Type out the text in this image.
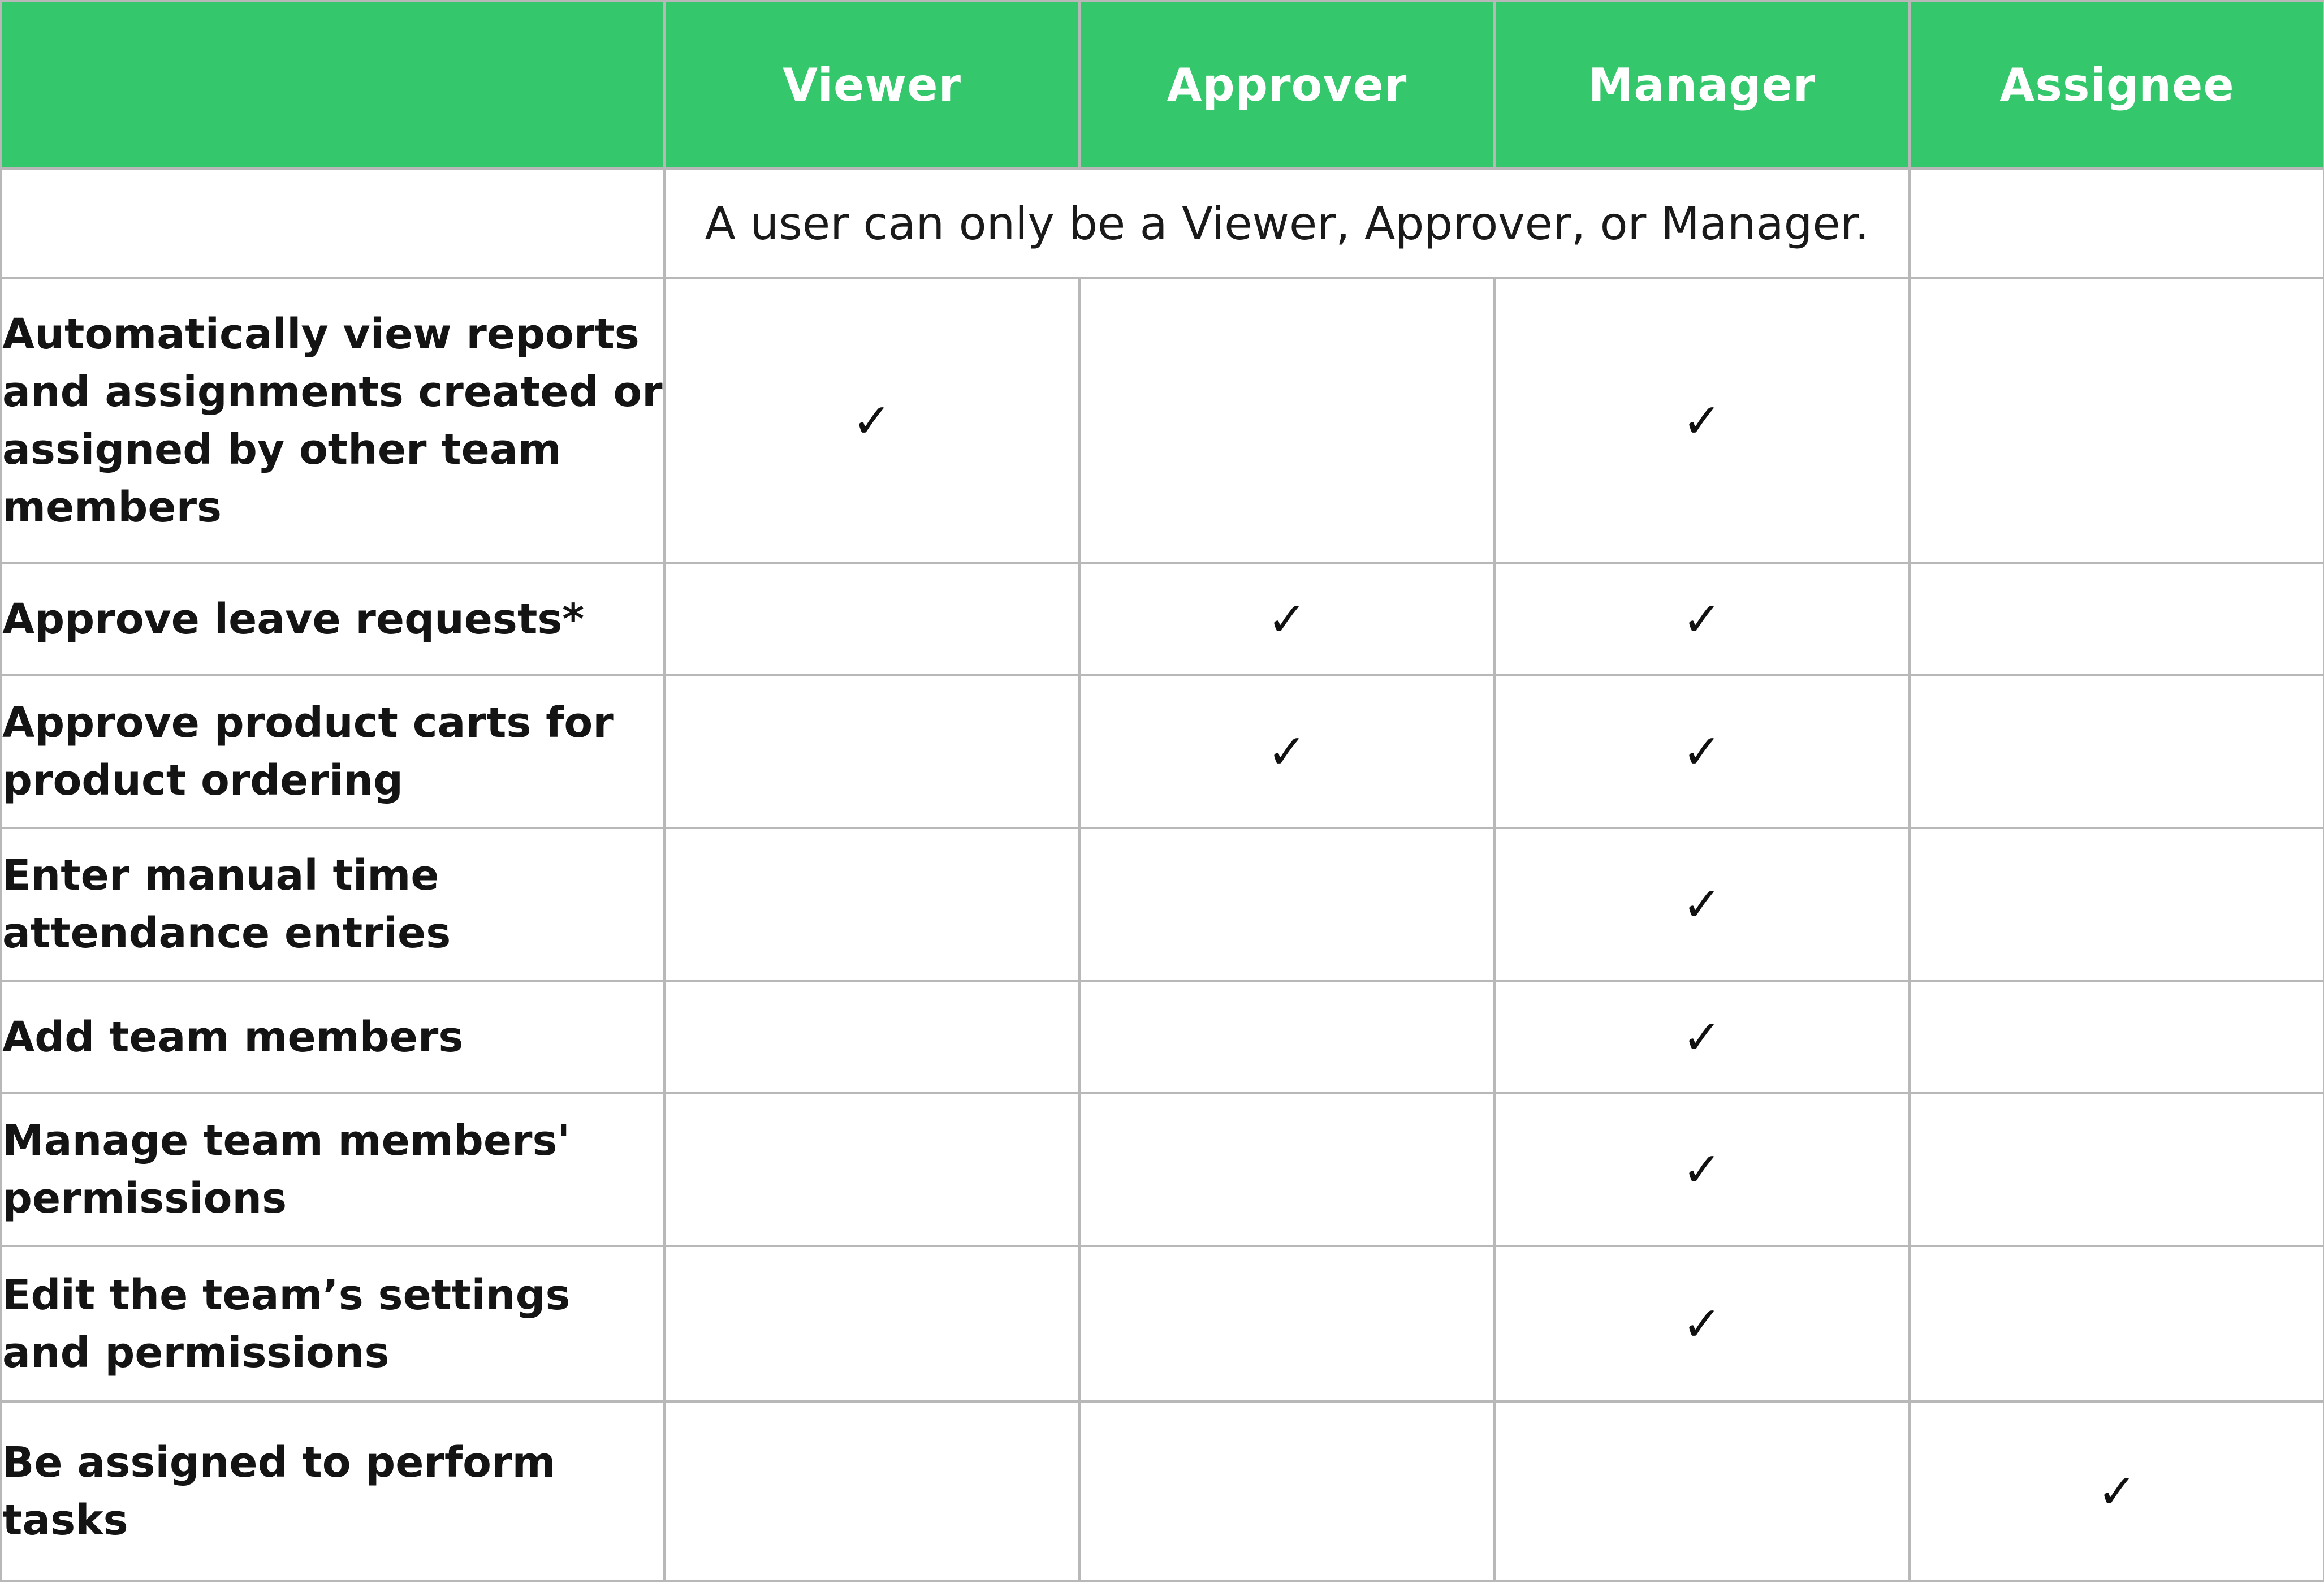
	Viewer	Approver	Manager	Assignee
	A user can only be a Viewer, Approver, or Manager.			
Automatically view reports and assignments created or assigned by other team members	✓		✓	
Approve leave requests*		✓	✓	
Approve product carts for product ordering		✓	✓	
Enter manual time attendance entries			✓	
Add team members			✓	
Manage team members' permissions			✓	
Edit the team’s settings and permissions			✓	
Be assigned to perform tasks				✓
